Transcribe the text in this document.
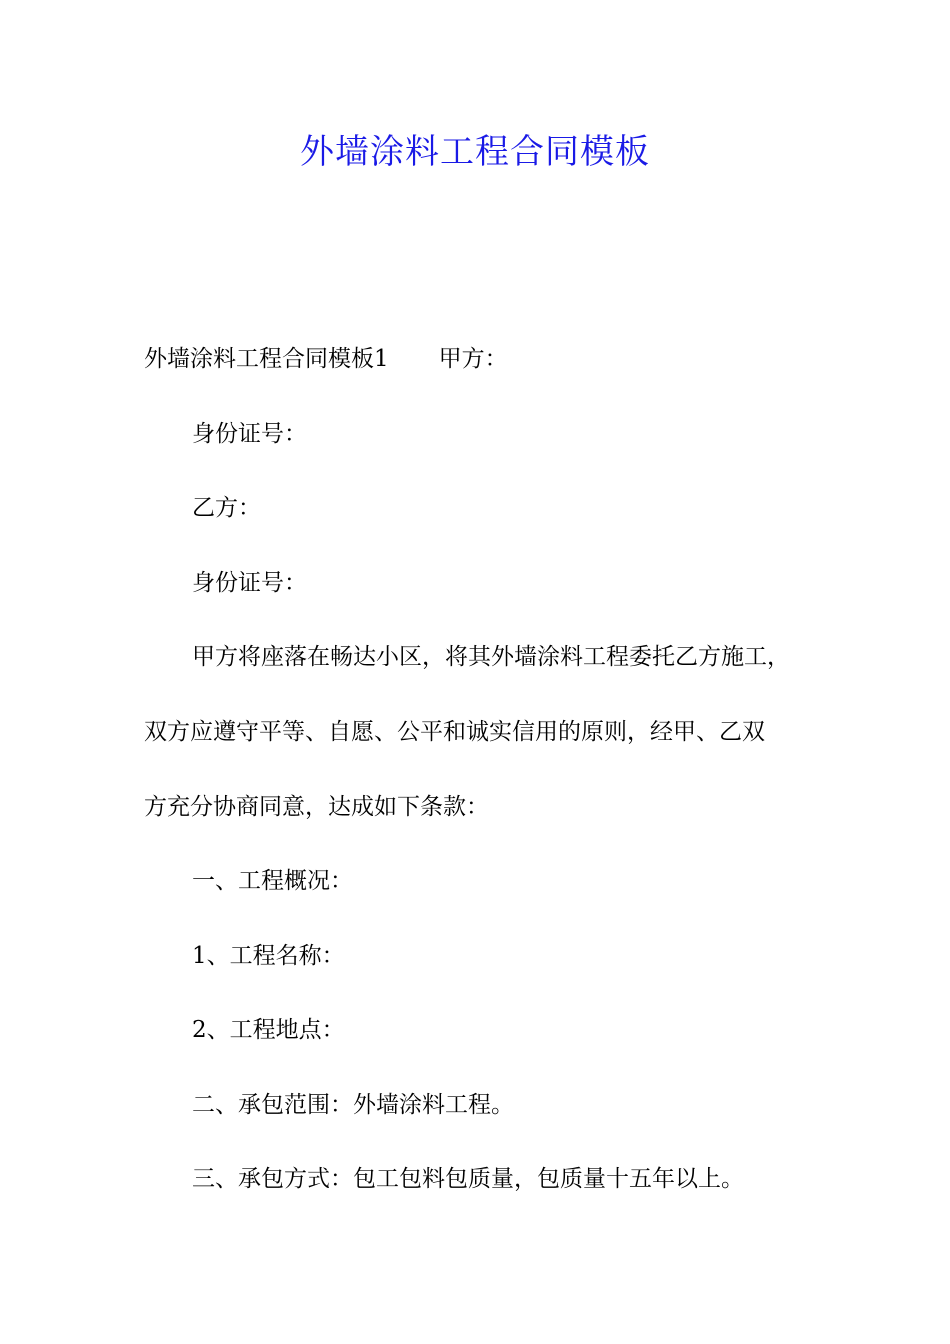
外墙涂料工程合同模板

外墙涂料工程合同模板1 甲方：

身份证号：

乙方：

身份证号：

甲方将座落在畅达小区，将其外墙涂料工程委托乙方施工，

双方应遵守平等、自愿、公平和诚实信用的原则，经甲、乙双

方充分协商同意，达成如下条款：

一、工程概况：

1、工程名称：

2、工程地点：

二、承包范围：外墙涂料工程。

三、承包方式：包工包料包质量，包质量十五年以上。
